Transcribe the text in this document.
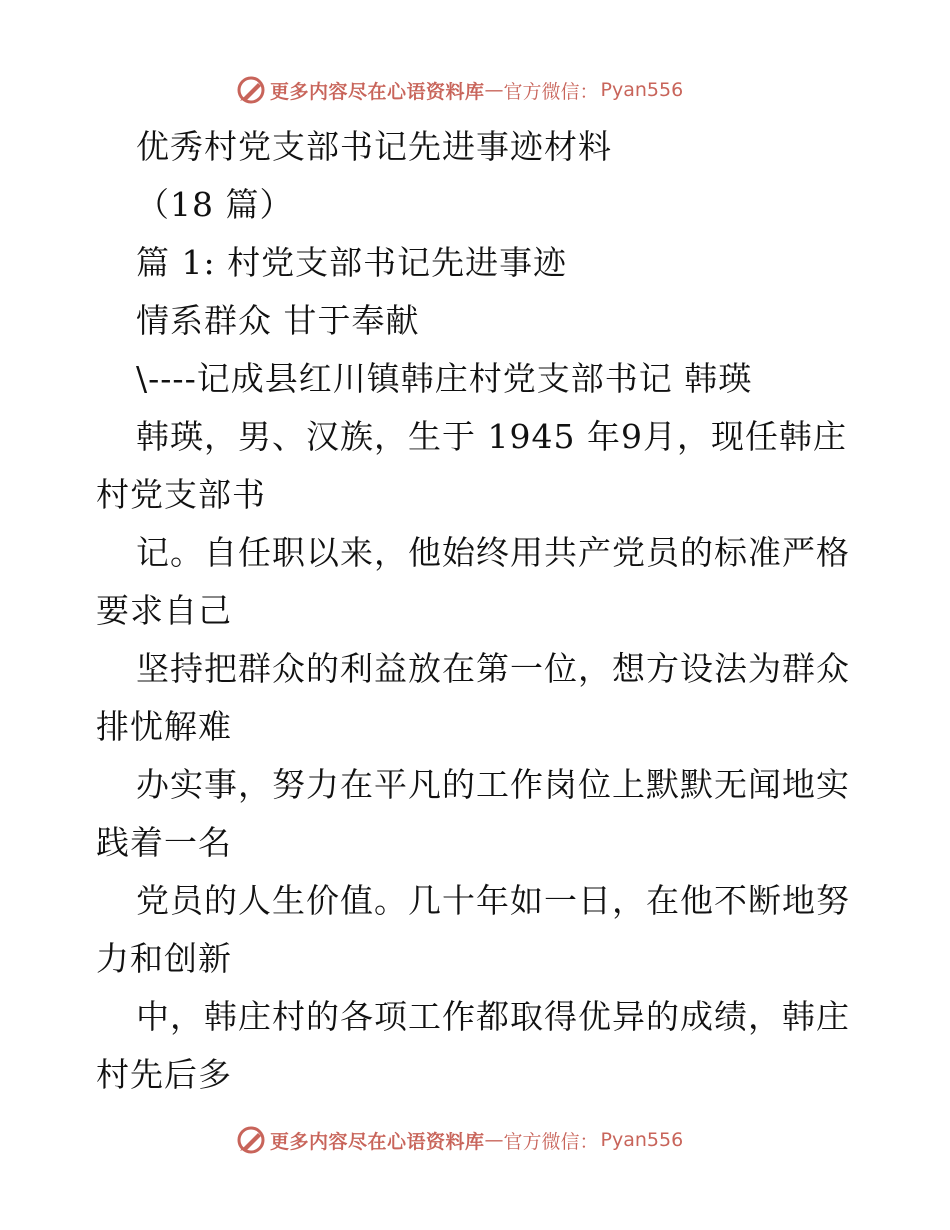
更多内容尽在心语资料库 — 官方微信： Pyan556

优秀村党支部书记先进事迹材料

（18 篇）

篇 1: 村党支部书记先进事迹

情系群众 甘于奉献

\----记成县红川镇韩庄村党支部书记 韩瑛

韩瑛，男、汉族，生于 1945 年9月，现任韩庄

村党支部书

记。自任职以来，他始终用共产党员的标准严格

要求自己

坚持把群众的利益放在第一位，想方设法为群众

排忧解难

办实事，努力在平凡的工作岗位上默默无闻地实

践着一名

党员的人生价值。几十年如一日，在他不断地努

力和创新

中，韩庄村的各项工作都取得优异的成绩，韩庄

村先后多

更多内容尽在心语资料库 — 官方微信： Pyan556
